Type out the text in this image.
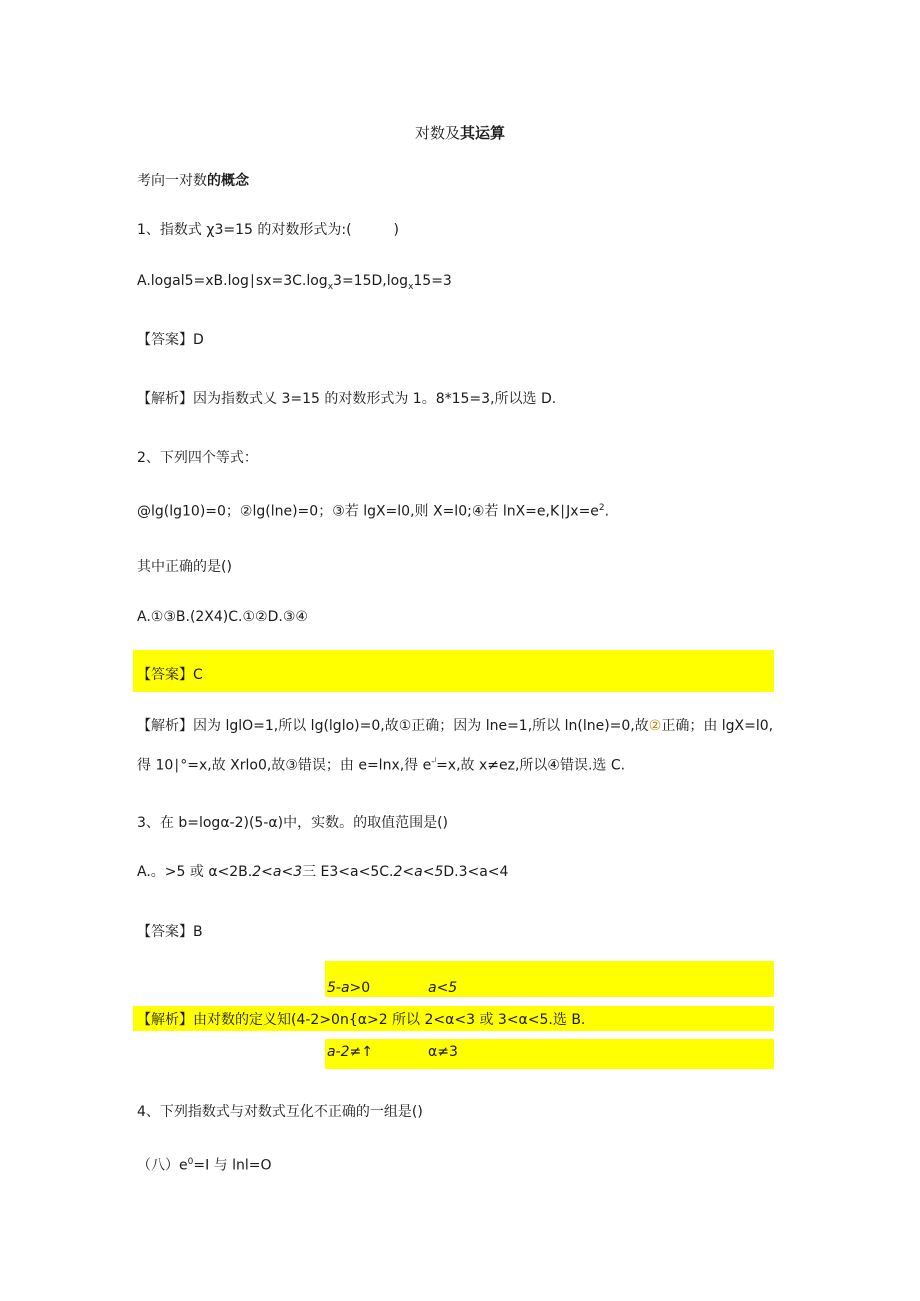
对数及其运算
考向一对数的概念
1、指数式 χ3=15 的对数形式为:(　　　)
$A.logal5=xB.\log∣sx=3C.\log_x3=15D,\log_x15=3$
【答案】D
【解析】因为指数式乂 3=15 的对数形式为 1。8*15=3,所以选 D.
2、下列四个等式：
@lg(lg10)=0；②lg(lne)=0；③若 lgX=l0,则 X=l0;④若 $\ln X=e,K∣Jx=e^2$.
其中正确的是()
A.①③B.(2X4)C.①②D.③④
【答案】C
【解析】因为 lglO=1,所以 lg(lglo)=0,故①正确；因为 lne=1,所以 ln(lne)=0,故②正确；由 lgX=l0,
得 10∣°=x,故 Xrlo0,故③错误；由 e=lnx,得 $e^{-ʲ}=x$,故 x≠ez,所以④错误.选 C.
3、在 b=logα-2)(5-α)中，实数。的取值范围是()
A.。>5 或 α<2B.2<a<3三 E3<a<5C.2<a<5D.3<a<4
【答案】B
5-a>0	a<5
【解析】由对数的定义知(4-2>0n{α>2 所以 2<α<3 或 3<α<5.选 B.
a-2≠↑	α≠3
4、下列指数式与对数式互化不正确的一组是()
（八）$e^0=I$ 与 lnl=O
